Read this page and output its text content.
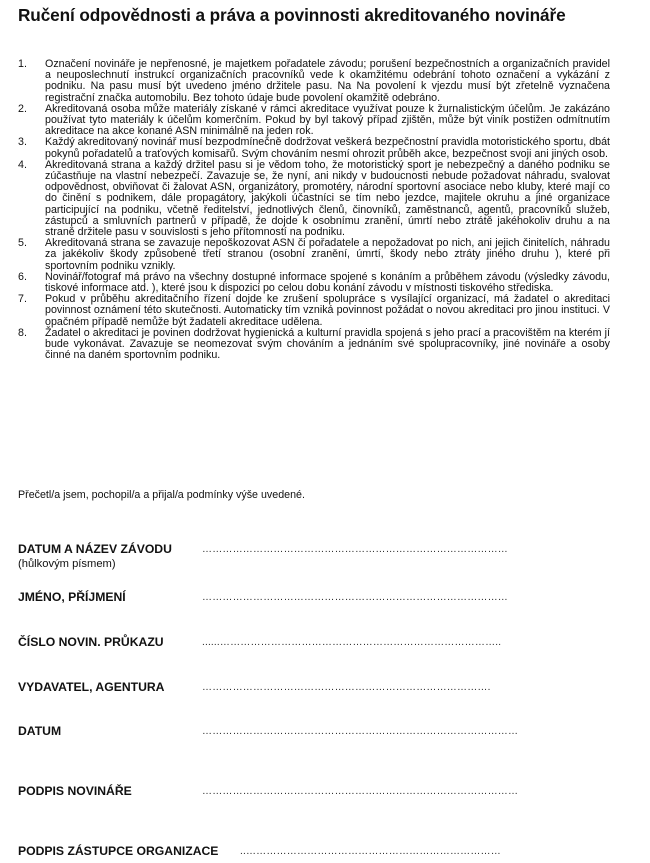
Ručení odpovědnosti a práva a povinnosti akreditovaného novináře
1.	Označení novináře je nepřenosné, je majetkem pořadatele závodu; porušení bezpečnostních a organizačních pravidel a neuposlechnutí instrukcí organizačních pracovníků vede k okamžitému odebrání tohoto označení a vykázání z podniku. Na pasu musí být uvedeno jméno držitele pasu. Na Na povolení k vjezdu musí být zřetelně vyznačena registrační značka automobilu. Bez tohoto údaje bude povolení okamžitě odebráno.
2.	Akreditovaná osoba může materiály získané v rámci akreditace využívat pouze k žurnalistickým účelům. Je zakázáno používat tyto materiály k účelům komerčním. Pokud by byl takový případ zjištěn, může být viník postižen odmítnutím akreditace na akce konané ASN minimálně na jeden rok.
3.	Každý akreditovaný novinář musí bezpodmínečně dodržovat veškerá bezpečnostní pravidla motoristického sportu, dbát pokynů pořadatelů a traťových komisařů. Svým chováním nesmí ohrozit průběh akce, bezpečnost svoji ani jiných osob.
4.	Akreditovaná strana a každý držitel pasu si je vědom toho, že motoristický sport je nebezpečný a daného podniku se zúčastňuje na vlastní nebezpečí. Zavazuje se, že nyní, ani nikdy v budoucnosti nebude požadovat náhradu, svalovat odpovědnost, obviňovat či žalovat ASN, organizátory, promotéry, národní sportovní asociace nebo kluby, které mají co do činění s podnikem, dále propagátory, jakýkoli účastníci se tím nebo jezdce, majitele okruhu a jiné organizace participující na podniku, včetně ředitelství, jednotlivých členů, činovníků, zaměstnanců, agentů, pracovníků služeb, zástupců a smluvních partnerů v případě, že dojde k osobnímu zranění, úmrtí nebo ztrátě jakéhokoliv druhu a na straně držitele pasu v souvislosti s jeho přítomností na podniku.
5.	Akreditovaná strana se zavazuje nepoškozovat ASN či pořadatele a nepožadovat po nich, ani jejich činitelích, náhradu za jakékoliv škody způsobené třetí stranou (osobní zranění, úmrtí, škody nebo ztráty jiného druhu ), které při sportovním podniku vznikly.
6.	Novinář/fotograf má právo na všechny dostupné informace spojené s konáním a průběhem závodu (výsledky závodu, tiskové informace atd. ), které jsou k dispozici po celou dobu konání závodu v místnosti tiskového střediska.
7.	Pokud v průběhu akreditačního řízení dojde ke zrušení spolupráce s vysílající organizací, má žadatel o akreditaci povinnost oznámení této skutečnosti. Automaticky tím vzniká povinnost požádat o novou akreditaci pro jinou instituci. V opačném případě nemůže být žadateli akreditace udělena.
8.	Žadatel o akreditaci je povinen dodržovat hygienická a kulturní pravidla spojená s jeho prací a pracovištěm na kterém jí bude vykonávat. Zavazuje se neomezovat svým chováním a jednáním své spolupracovníky, jiné novináře a osoby činné na daném sportovním podniku.
Přečetl/a jsem, pochopil/a a přijal/a podmínky výše uvedené.
DATUM A NÁZEV ZÁVODU
(hůlkovým písmem)
………………………………………………………………………………
JMÉNO, PŘÍJMENÍ	………………………………………………………………………………
ČÍSLO NOVIN. PRŮKAZU	......………………………………………………………………………..
VYDAVATEL, AGENTURA	………………………………………………………………………….
DATUM	…………………………………………………………………………………
PODPIS NOVINÁŘE	…………………………………………………………………………………
PODPIS ZÁSTUPCE ORGANIZACE ..…………………………………………………………………
